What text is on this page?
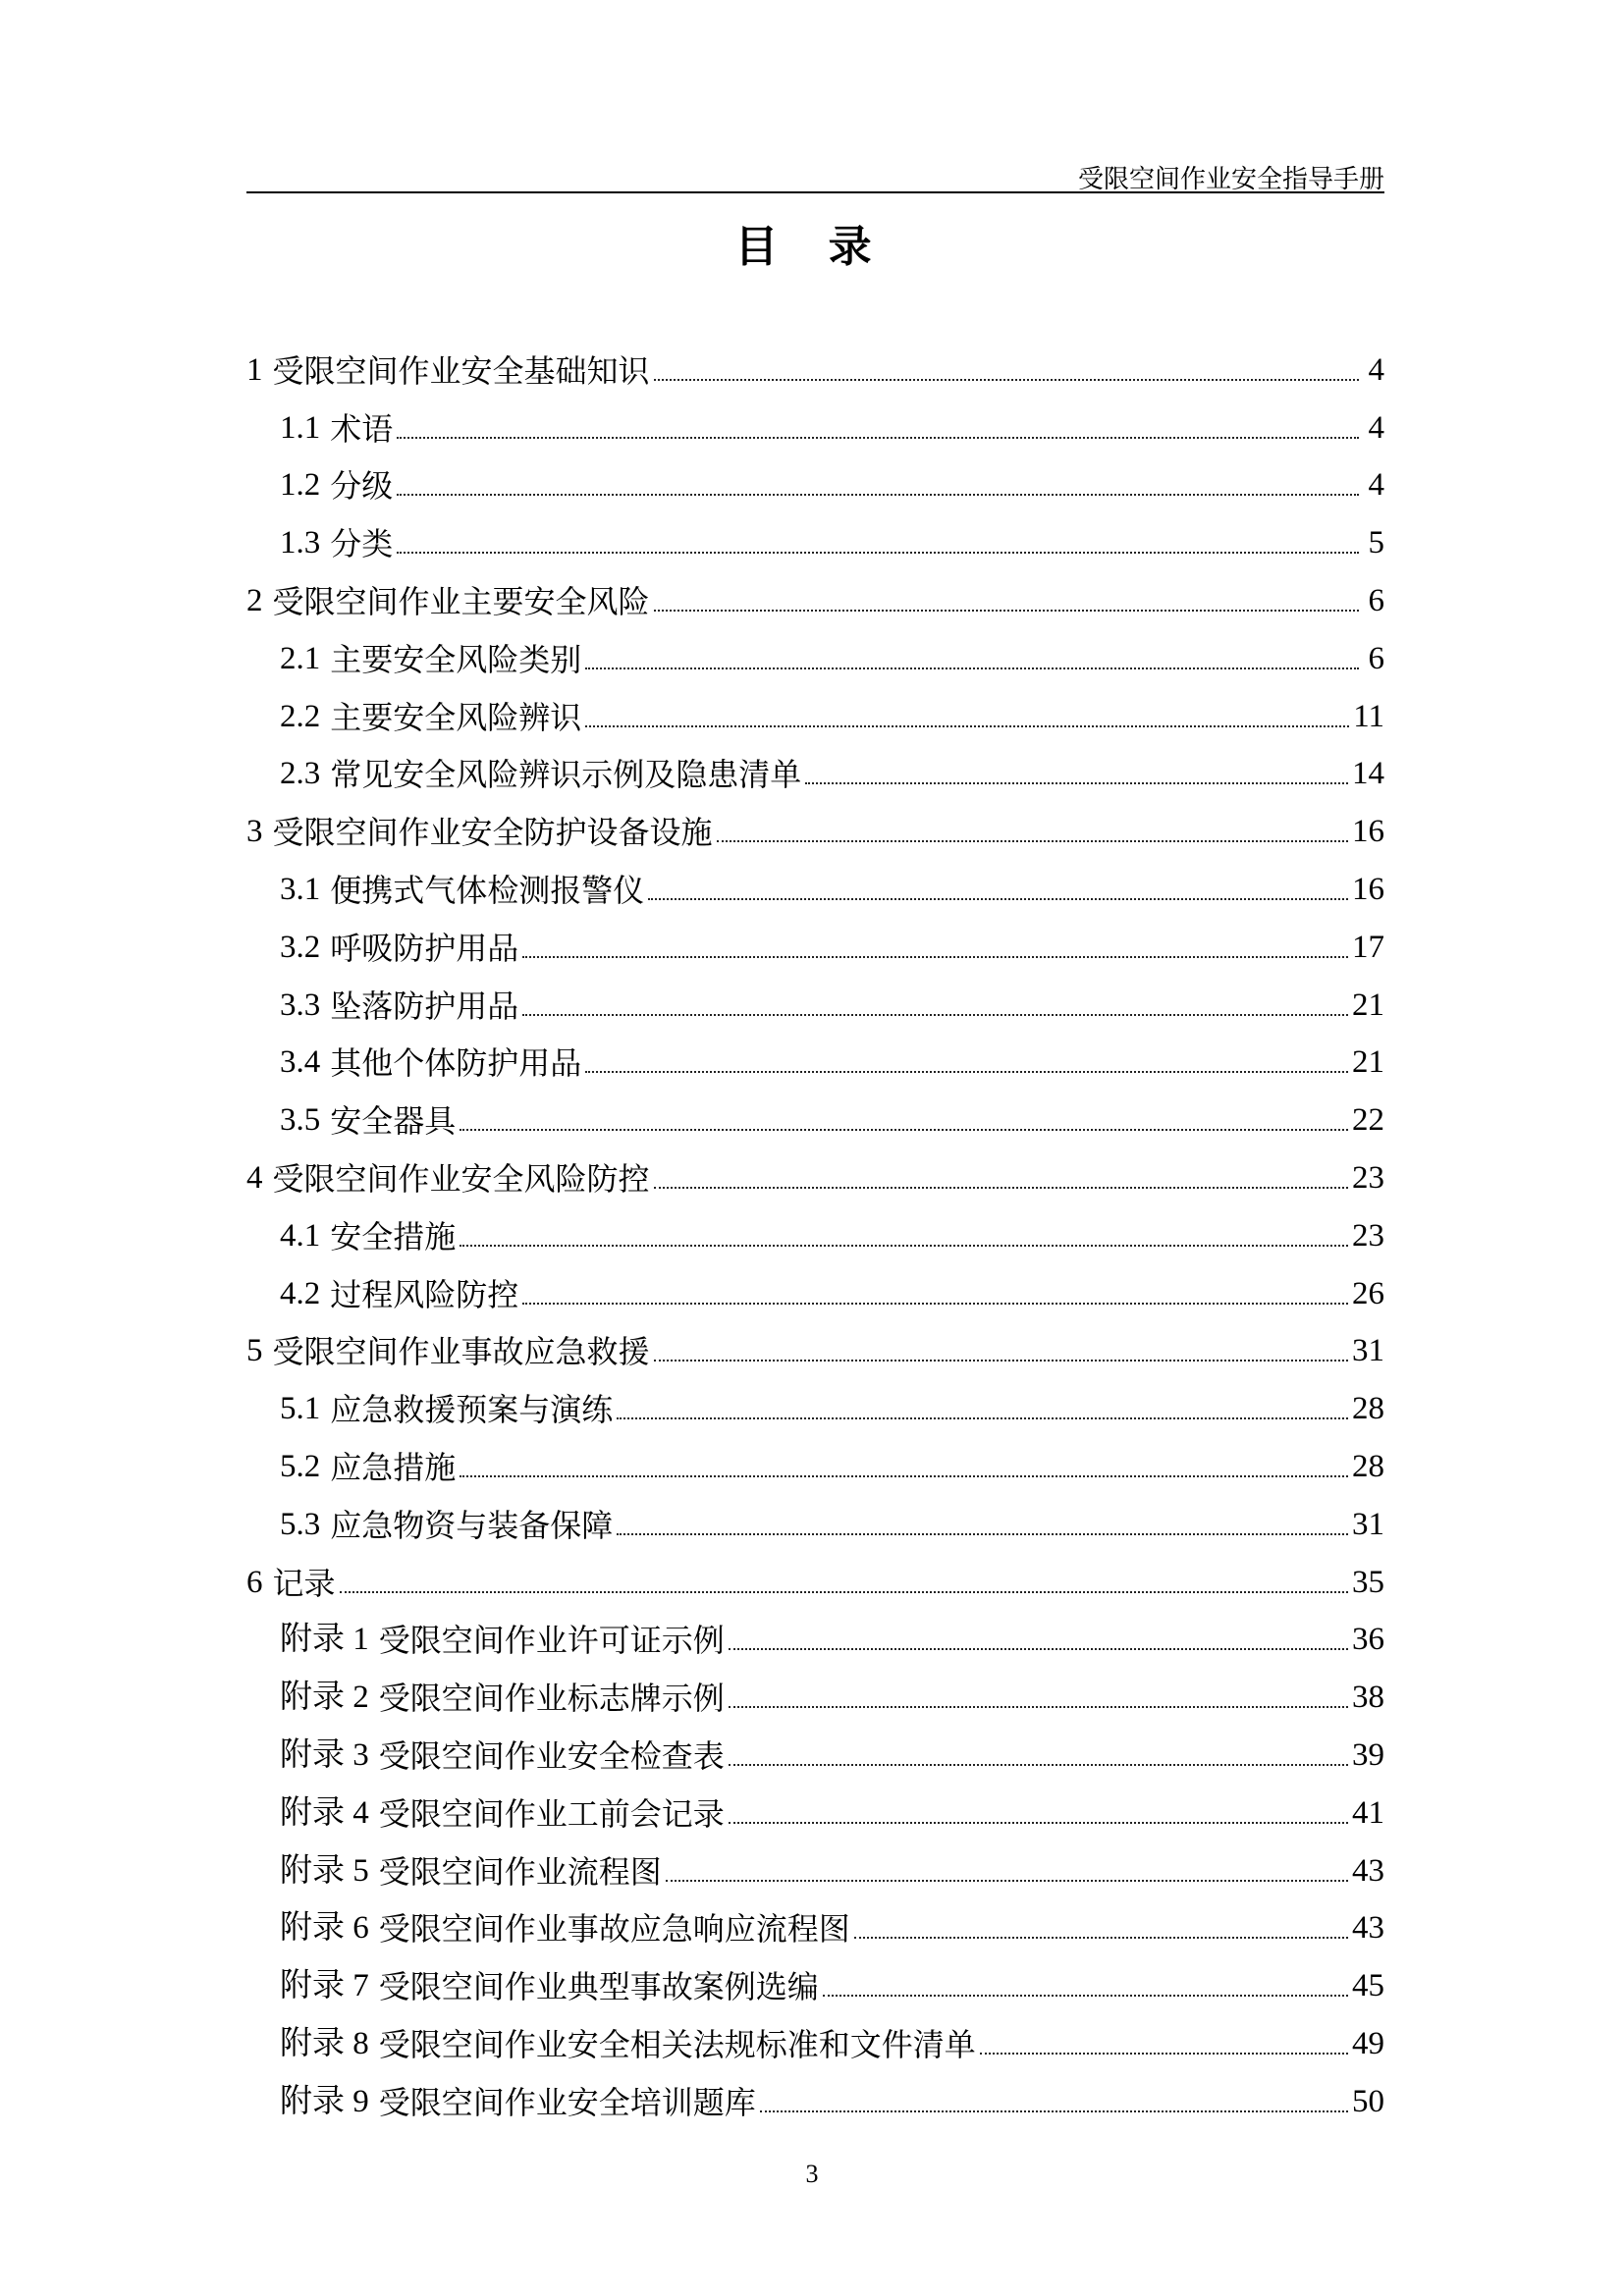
受限空间作业安全指导手册
目 录
1 受限空间作业安全基础知识	4
1.1 术语	4
1.2 分级	4
1.3 分类	5
2 受限空间作业主要安全风险	6
2.1 主要安全风险类别	6
2.2 主要安全风险辨识	11
2.3 常见安全风险辨识示例及隐患清单	14
3 受限空间作业安全防护设备设施	16
3.1 便携式气体检测报警仪	16
3.2 呼吸防护用品	17
3.3 坠落防护用品	21
3.4 其他个体防护用品	21
3.5 安全器具	22
4 受限空间作业安全风险防控	23
4.1 安全措施	23
4.2 过程风险防控	26
5 受限空间作业事故应急救援	31
5.1 应急救援预案与演练	28
5.2 应急措施	28
5.3 应急物资与装备保障	31
6 记录	35
附录 1 受限空间作业许可证示例	36
附录 2 受限空间作业标志牌示例	38
附录 3 受限空间作业安全检查表	39
附录 4 受限空间作业工前会记录	41
附录 5 受限空间作业流程图	43
附录 6 受限空间作业事故应急响应流程图	43
附录 7 受限空间作业典型事故案例选编	45
附录 8 受限空间作业安全相关法规标准和文件清单	49
附录 9 受限空间作业安全培训题库	50
3
